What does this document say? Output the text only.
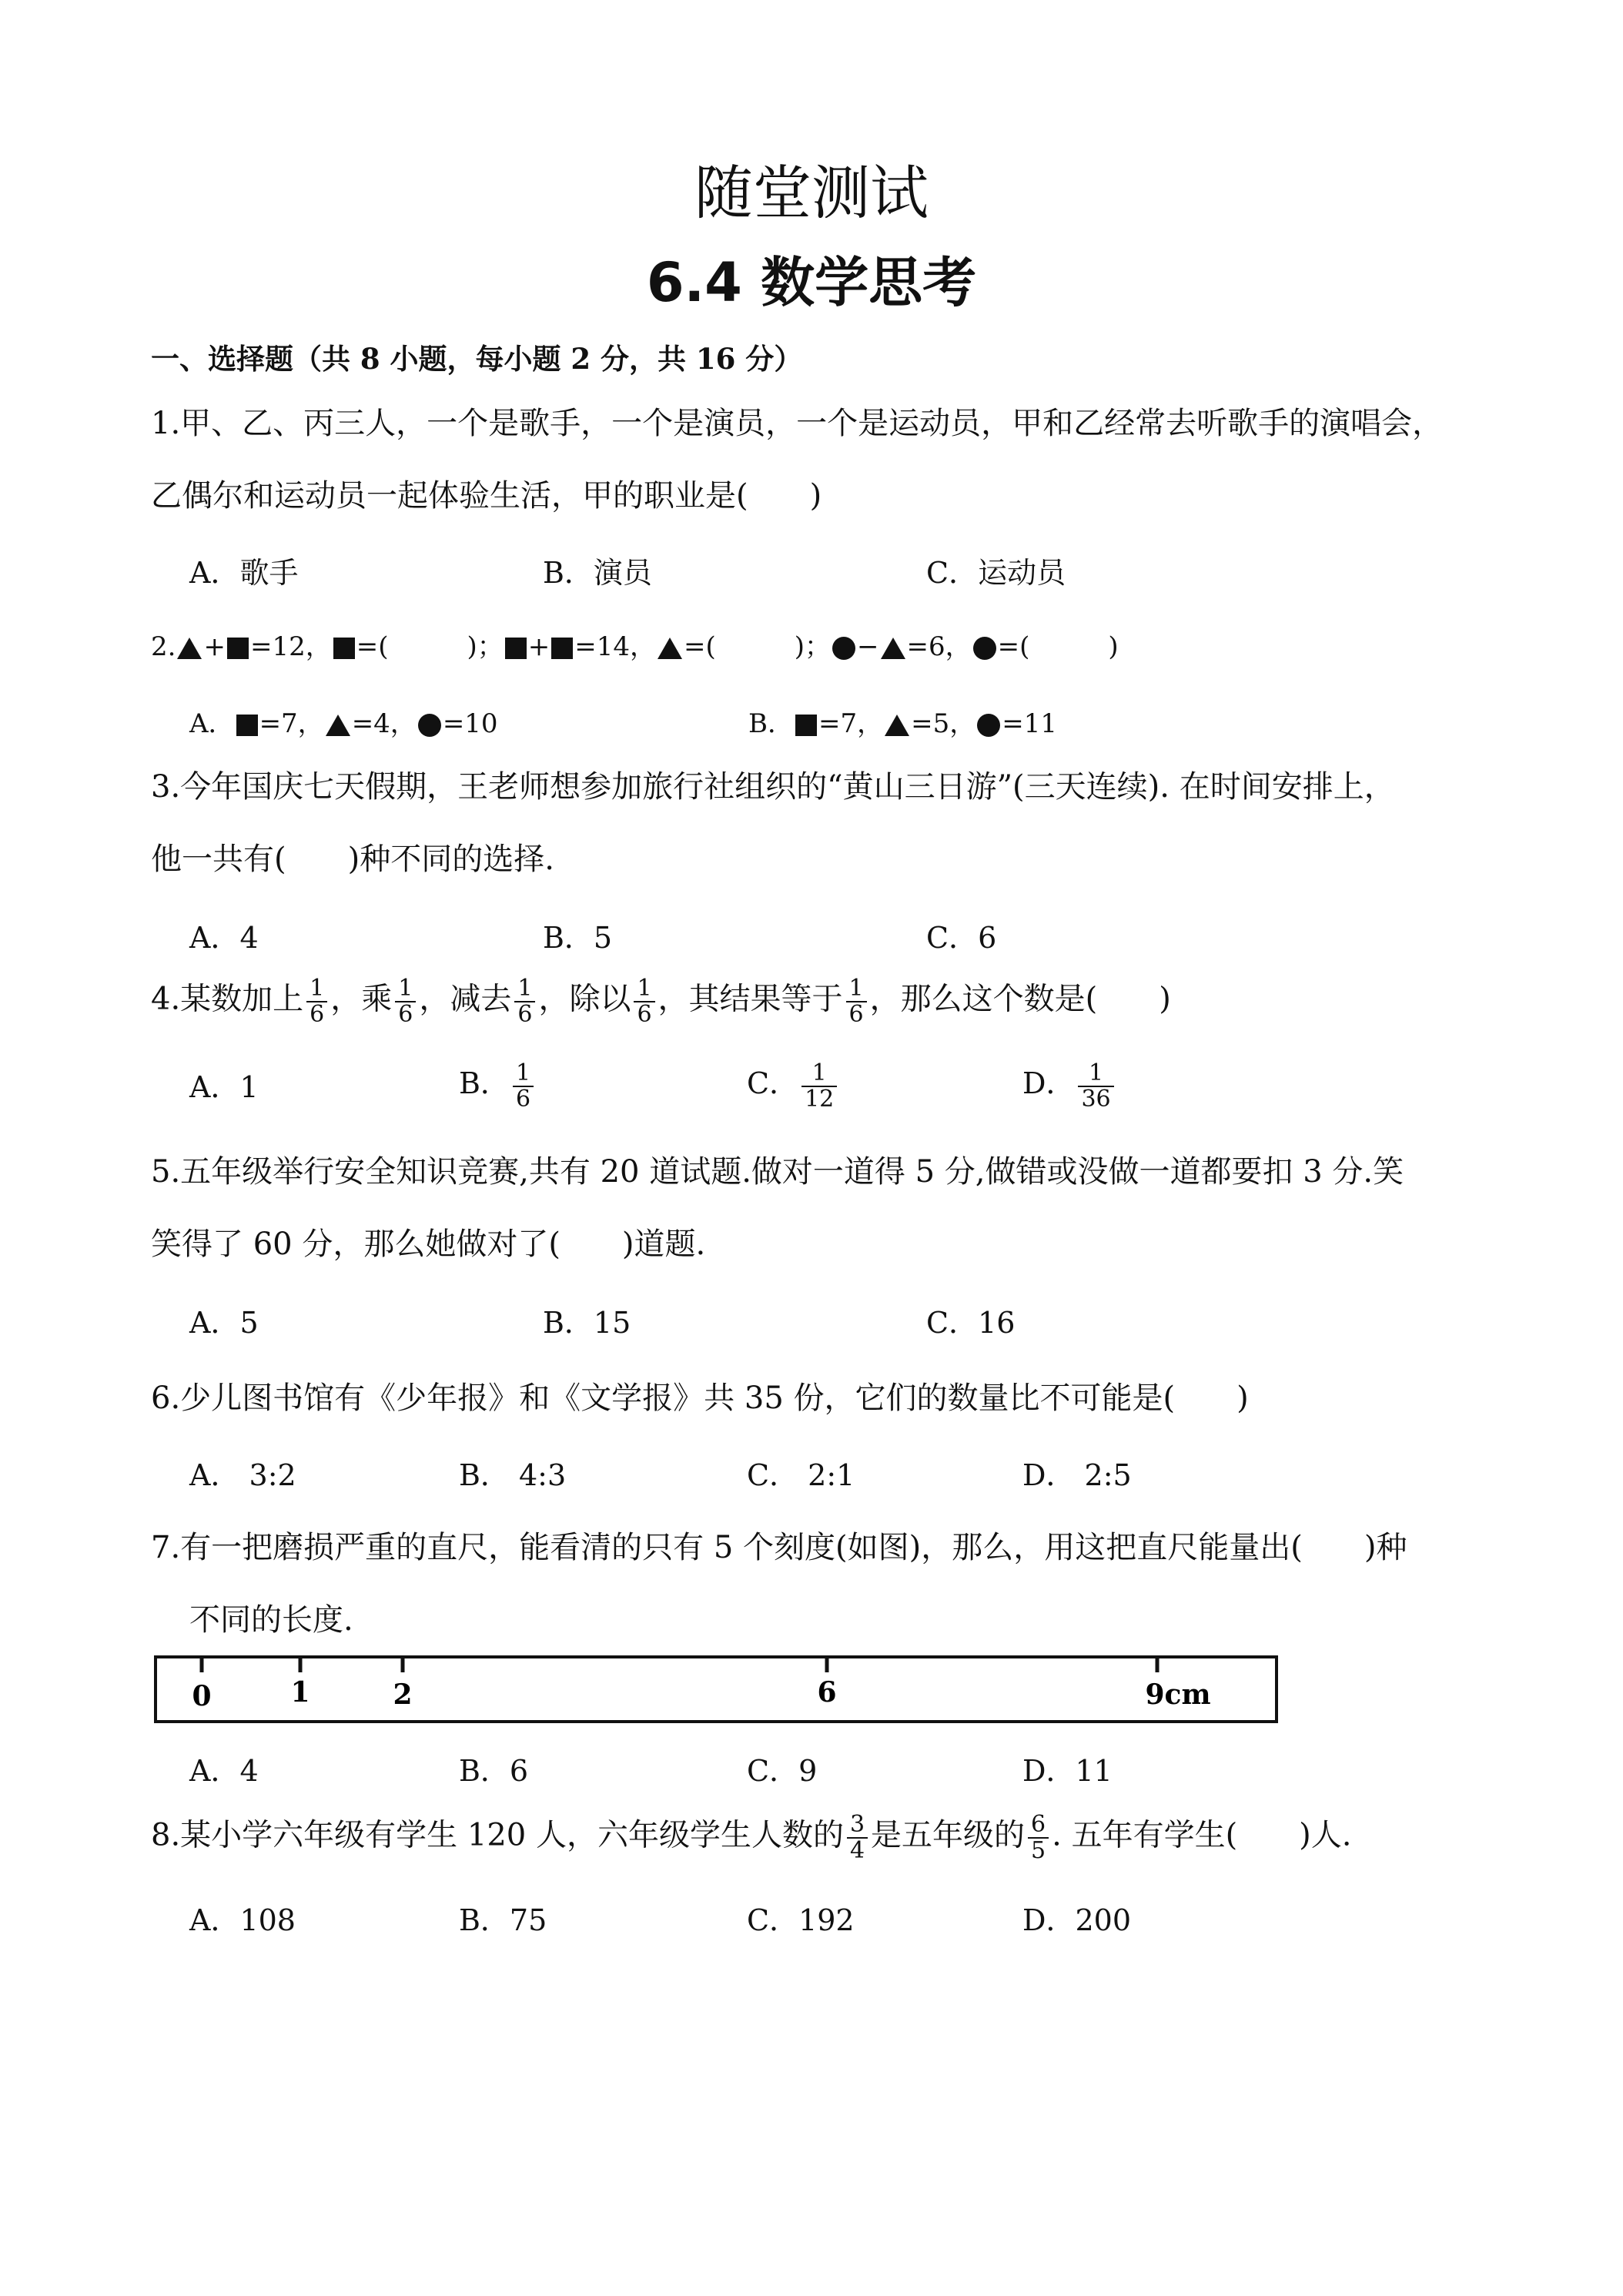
随堂测试
6.4 数学思考
一、选择题（共 8 小题，每小题 2 分，共 16 分）
1.甲、乙、丙三人，一个是歌手，一个是演员，一个是运动员，甲和乙经常去听歌手的演唱会，
乙偶尔和运动员一起体验生活，甲的职业是(　　)
A．歌手	B．演员	C．运动员
2. + =12， =(　　　)； + =14， =(　　　)； − =6， =(　　　)
A． =7， =4， =10	B． =7， =5， =11
3.今年国庆七天假期，王老师想参加旅行社组织的“黄山三日游”(三天连续). 在时间安排上，
他一共有(　　)种不同的选择.
A．4	B．5	C．6
4.某数加上 $\frac{1}{6}$ ，乘 $\frac{1}{6}$ ，减去 $\frac{1}{6}$ ，除以 $\frac{1}{6}$ ，其结果等于 $\frac{1}{6}$ ，那么这个数是(　　)
A．1	B． $\frac{1}{6}$	C． $\frac{1}{12}$	D． $\frac{1}{36}$
5.五年级举行安全知识竞赛,共有 20 道试题.做对一道得 5 分,做错或没做一道都要扣 3 分.笑
笑得了 60 分，那么她做对了(　　)道题.
A．5	B．15	C．16
6.少儿图书馆有《少年报》和《文学报》共 35 份，它们的数量比不可能是(　　)
A． 3:2	B． 4:3	C． 2:1	D． 2:5
7.有一把磨损严重的直尺，能看清的只有 5 个刻度(如图)，那么，用这把直尺能量出(　　)种
不同的长度.
0	1	2	6	9cm
A．4	B．6	C．9	D．11
8.某小学六年级有学生 120 人，六年级学生人数的 $\frac{3}{4}$ 是五年级的 $\frac{6}{5}$ . 五年有学生(　　)人.
A．108	B．75	C．192	D．200
